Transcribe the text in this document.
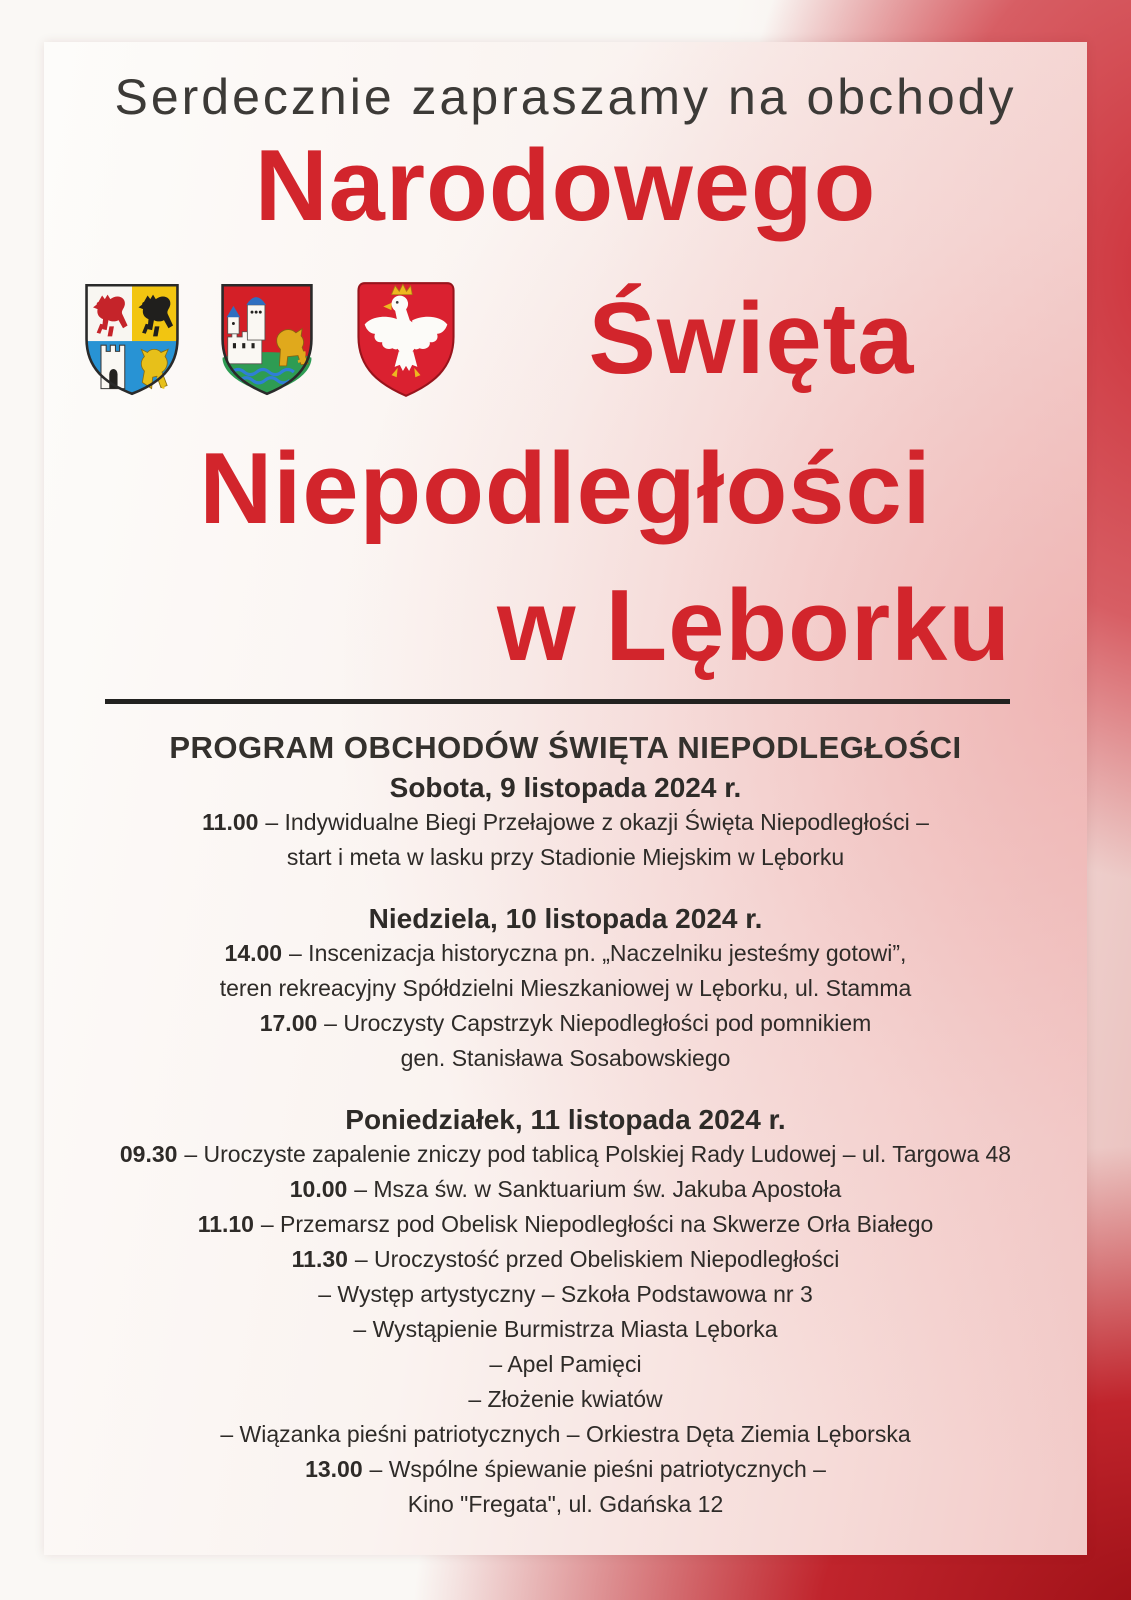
Serdecznie zapraszamy na obchody
Narodowego
Święta
Niepodległości
w Lęborku
PROGRAM OBCHODÓW ŚWIĘTA NIEPODLEGŁOŚCI
Sobota, 9 listopada 2024 r.

11.00 – Indywidualne Biegi Przełajowe z okazji Święta Niepodległości –

start i meta w lasku przy Stadionie Miejskim w Lęborku

Niedziela, 10 listopada 2024 r.

14.00 – Inscenizacja historyczna pn. „Naczelniku jesteśmy gotowi”,

teren rekreacyjny Spółdzielni Mieszkaniowej w Lęborku, ul. Stamma

17.00 – Uroczysty Capstrzyk Niepodległości pod pomnikiem

gen. Stanisława Sosabowskiego

Poniedziałek, 11 listopada 2024 r.

09.30 – Uroczyste zapalenie zniczy pod tablicą Polskiej Rady Ludowej – ul. Targowa 48

10.00 – Msza św. w Sanktuarium św. Jakuba Apostoła

11.10 – Przemarsz pod Obelisk Niepodległości na Skwerze Orła Białego

11.30 – Uroczystość przed Obeliskiem Niepodległości

– Występ artystyczny – Szkoła Podstawowa nr 3

– Wystąpienie Burmistrza Miasta Lęborka

– Apel Pamięci

– Złożenie kwiatów

– Wiązanka pieśni patriotycznych – Orkiestra Dęta Ziemia Lęborska

13.00 – Wspólne śpiewanie pieśni patriotycznych –

Kino "Fregata", ul. Gdańska 12
